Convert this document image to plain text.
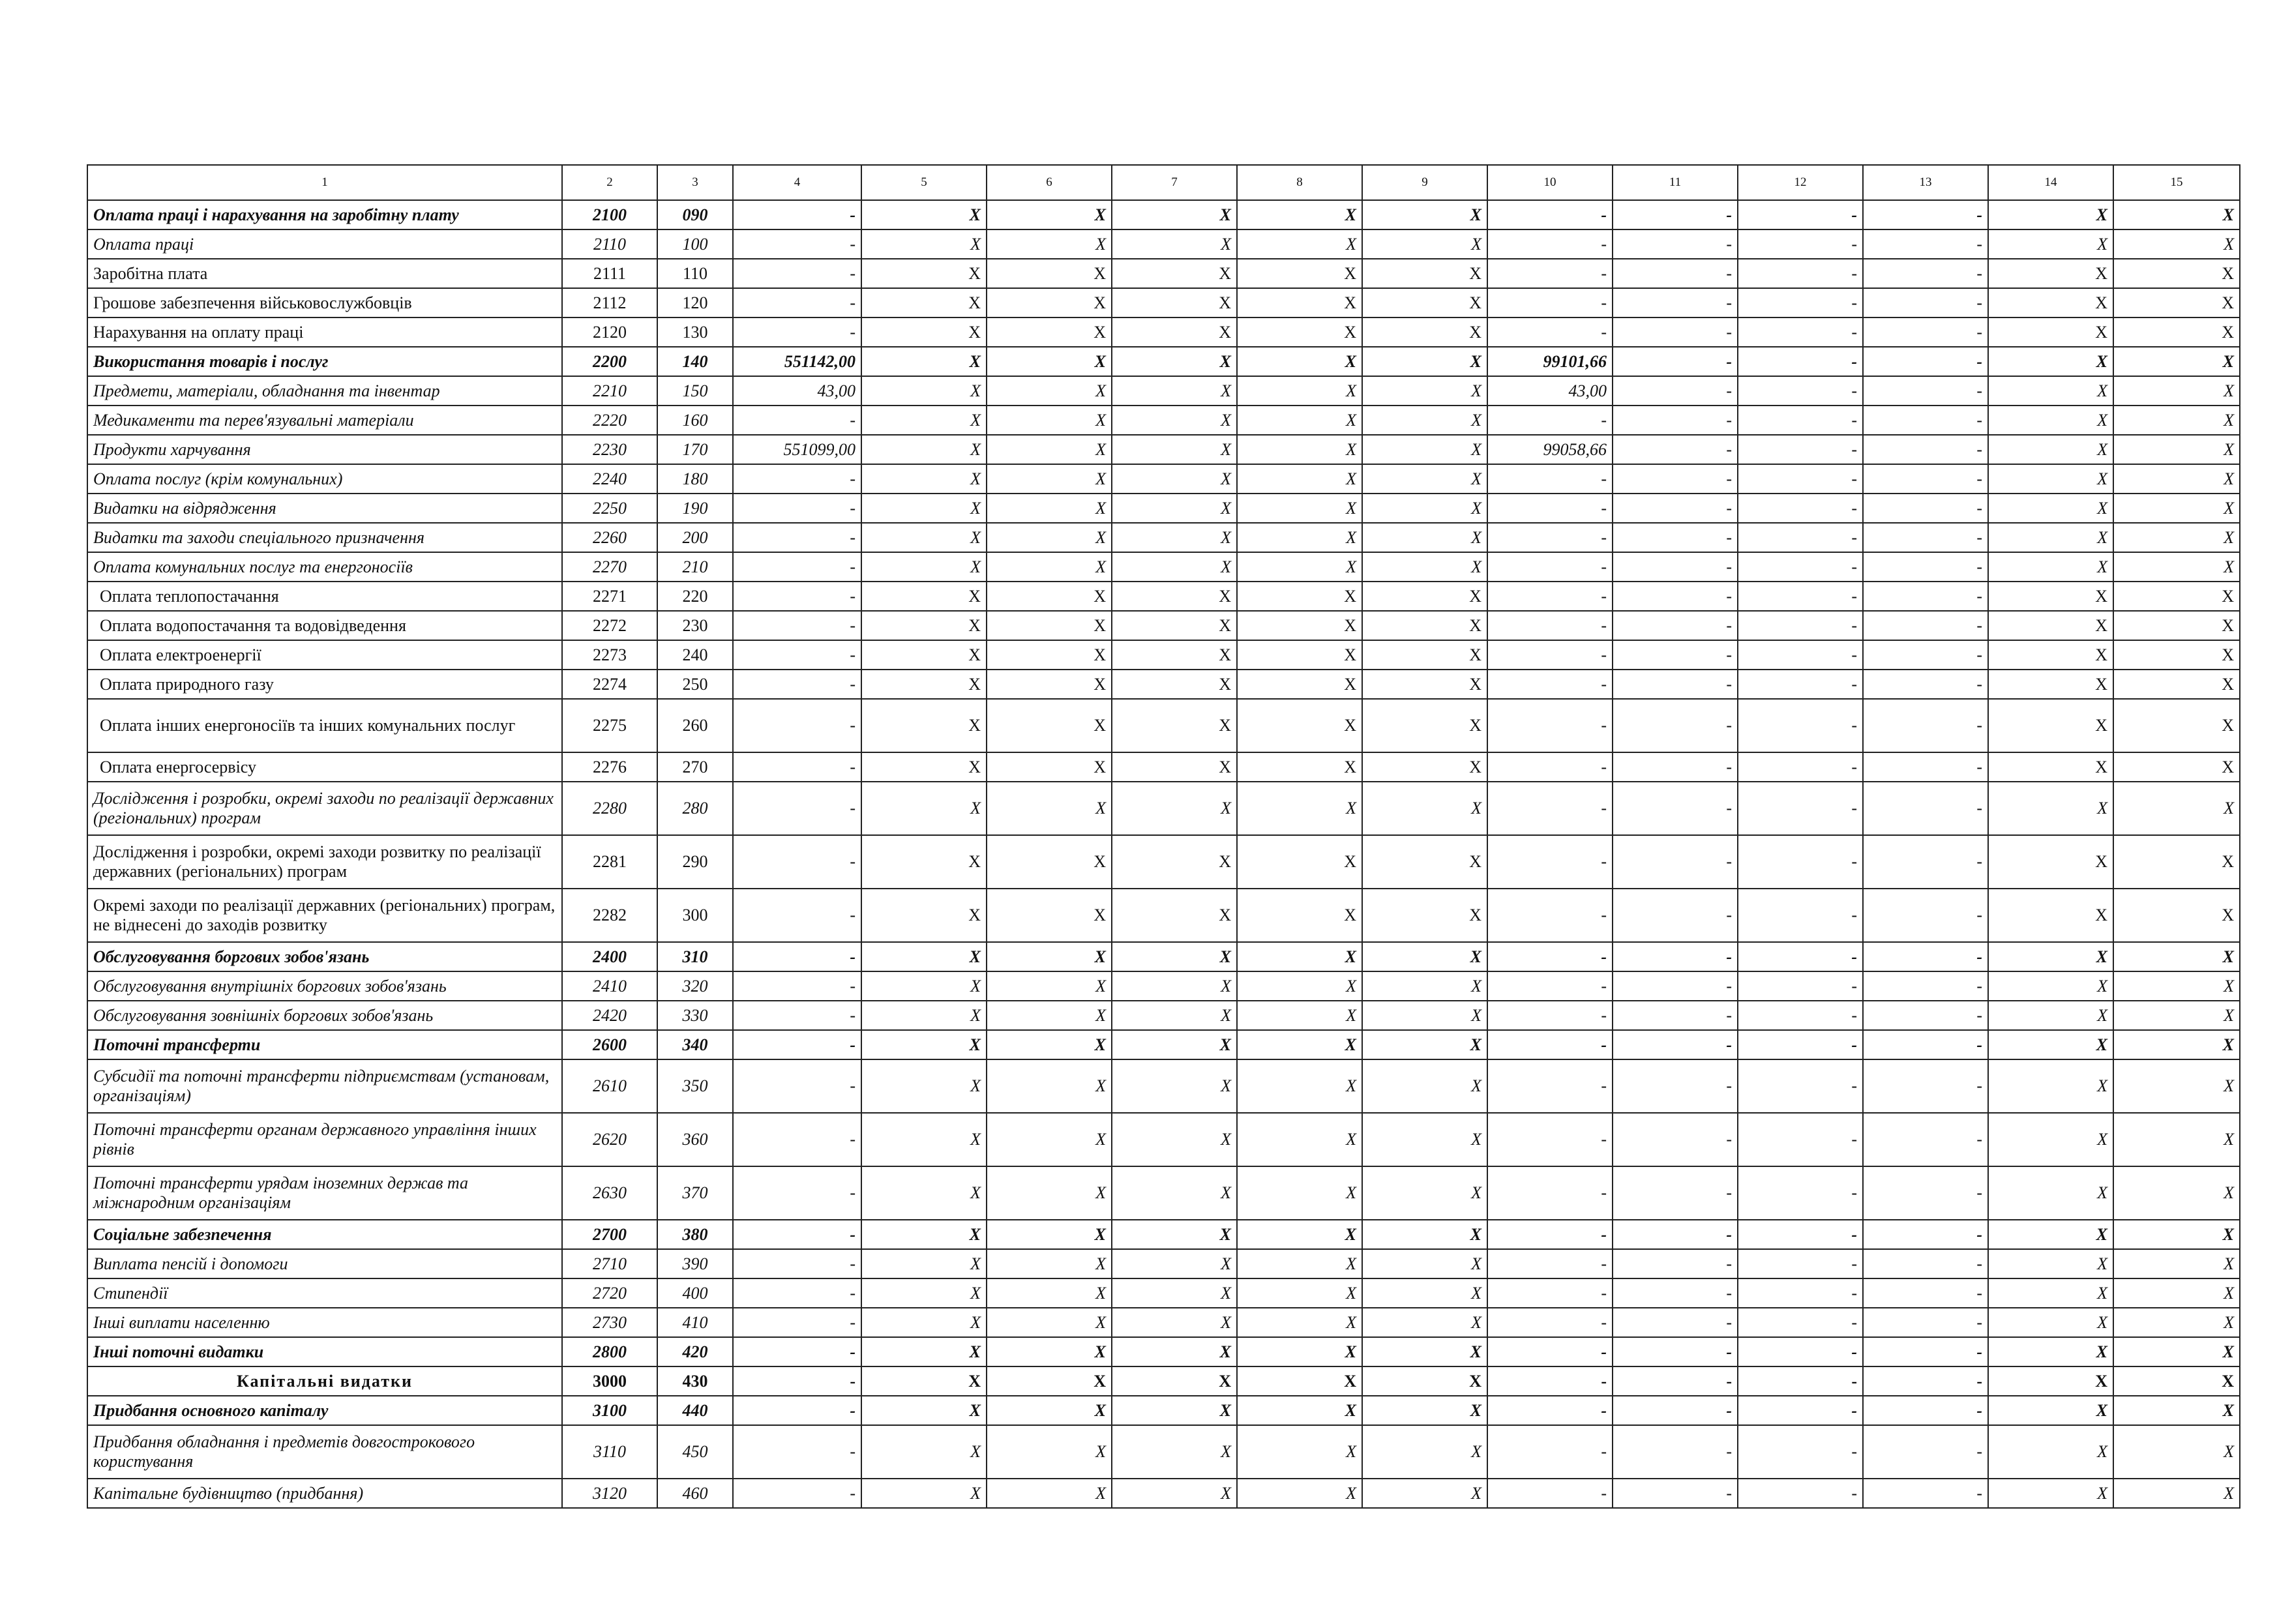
1	2	3	4	5	6	7	8	9	10	11	12	13	14	15
Оплата праці і нарахування на заробітну плату	2100	090	-	X	X	X	X	X	-	-	-	-	X	X
Оплата праці	2110	100	-	X	X	X	X	X	-	-	-	-	X	X
Заробітна плата	2111	110	-	X	X	X	X	X	-	-	-	-	X	X
Грошове забезпечення військовослужбовців	2112	120	-	X	X	X	X	X	-	-	-	-	X	X
Нарахування на оплату праці	2120	130	-	X	X	X	X	X	-	-	-	-	X	X
Використання товарів і послуг	2200	140	551142,00	X	X	X	X	X	99101,66	-	-	-	X	X
Предмети, матеріали, обладнання та інвентар	2210	150	43,00	X	X	X	X	X	43,00	-	-	-	X	X
Медикаменти та перев'язувальні матеріали	2220	160	-	X	X	X	X	X	-	-	-	-	X	X
Продукти харчування	2230	170	551099,00	X	X	X	X	X	99058,66	-	-	-	X	X
Оплата послуг (крім комунальних)	2240	180	-	X	X	X	X	X	-	-	-	-	X	X
Видатки на відрядження	2250	190	-	X	X	X	X	X	-	-	-	-	X	X
Видатки та заходи спеціального призначення	2260	200	-	X	X	X	X	X	-	-	-	-	X	X
Оплата комунальних послуг та енергоносіїв	2270	210	-	X	X	X	X	X	-	-	-	-	X	X
Оплата теплопостачання	2271	220	-	X	X	X	X	X	-	-	-	-	X	X
Оплата водопостачання та водовідведення	2272	230	-	X	X	X	X	X	-	-	-	-	X	X
Оплата електроенергії	2273	240	-	X	X	X	X	X	-	-	-	-	X	X
Оплата природного газу	2274	250	-	X	X	X	X	X	-	-	-	-	X	X
Оплата інших енергоносіїв та інших комунальних послуг	2275	260	-	X	X	X	X	X	-	-	-	-	X	X
Оплата енергосервісу	2276	270	-	X	X	X	X	X	-	-	-	-	X	X
Дослідження і розробки, окремі заходи по реалізації державних (регіональних) програм	2280	280	-	X	X	X	X	X	-	-	-	-	X	X
Дослідження і розробки, окремі заходи розвитку по реалізації державних (регіональних) програм	2281	290	-	X	X	X	X	X	-	-	-	-	X	X
Окремі заходи по реалізації державних (регіональних) програм, не віднесені до заходів розвитку	2282	300	-	X	X	X	X	X	-	-	-	-	X	X
Обслуговування боргових зобов'язань	2400	310	-	X	X	X	X	X	-	-	-	-	X	X
Обслуговування внутрішніх боргових зобов'язань	2410	320	-	X	X	X	X	X	-	-	-	-	X	X
Обслуговування зовнішніх боргових зобов'язань	2420	330	-	X	X	X	X	X	-	-	-	-	X	X
Поточні трансферти	2600	340	-	X	X	X	X	X	-	-	-	-	X	X
Субсидії та поточні трансферти підприємствам (установам, організаціям)	2610	350	-	X	X	X	X	X	-	-	-	-	X	X
Поточні трансферти органам державного управління інших рівнів	2620	360	-	X	X	X	X	X	-	-	-	-	X	X
Поточні трансферти урядам іноземних держав та міжнародним організаціям	2630	370	-	X	X	X	X	X	-	-	-	-	X	X
Соціальне забезпечення	2700	380	-	X	X	X	X	X	-	-	-	-	X	X
Виплата пенсій і допомоги	2710	390	-	X	X	X	X	X	-	-	-	-	X	X
Стипендії	2720	400	-	X	X	X	X	X	-	-	-	-	X	X
Інші виплати населенню	2730	410	-	X	X	X	X	X	-	-	-	-	X	X
Інші поточні видатки	2800	420	-	X	X	X	X	X	-	-	-	-	X	X
Капітальні видатки	3000	430	-	X	X	X	X	X	-	-	-	-	X	X
Придбання основного капіталу	3100	440	-	X	X	X	X	X	-	-	-	-	X	X
Придбання обладнання і предметів довгострокового користування	3110	450	-	X	X	X	X	X	-	-	-	-	X	X
Капітальне будівництво (придбання)	3120	460	-	X	X	X	X	X	-	-	-	-	X	X
